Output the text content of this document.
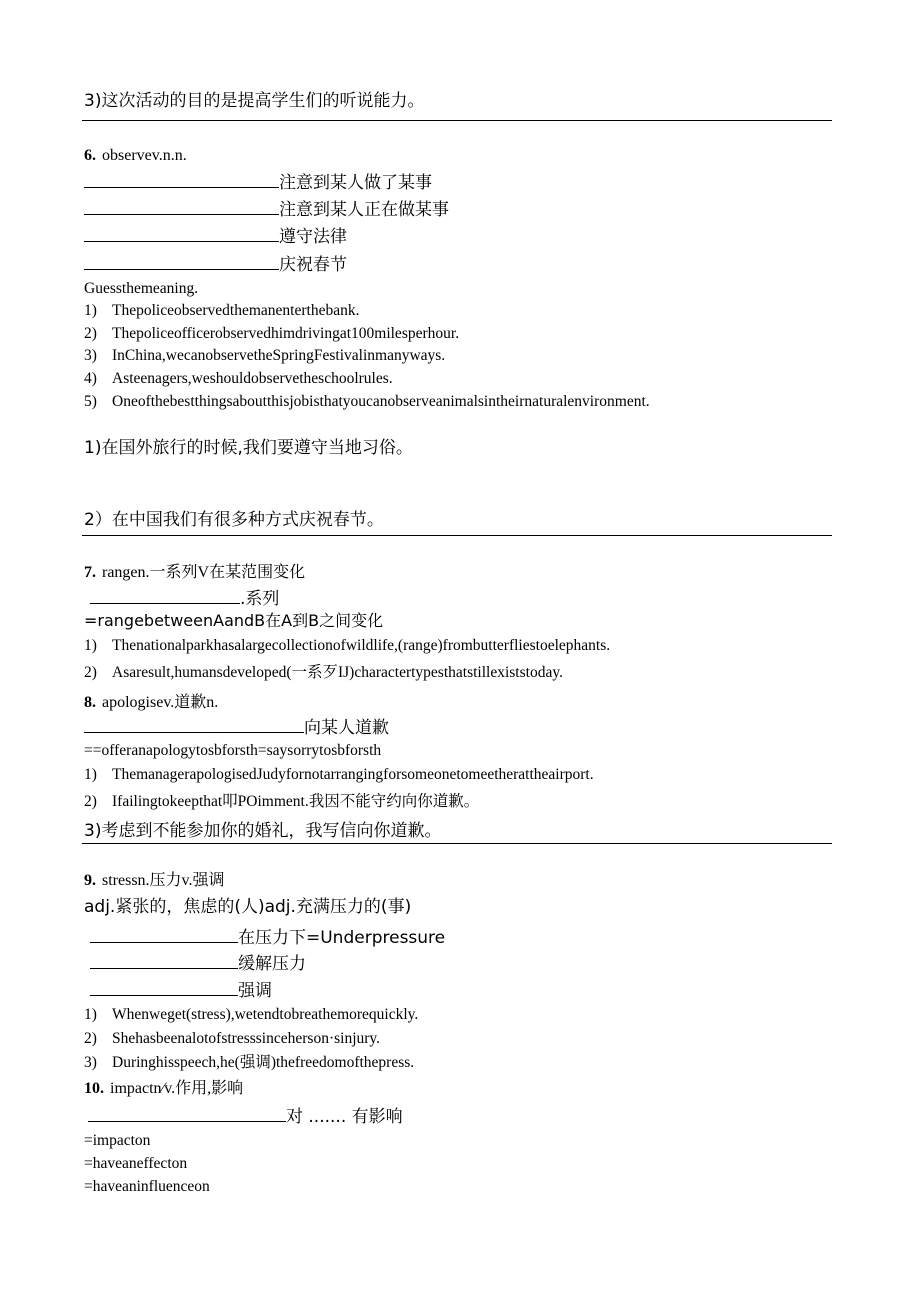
3)这次活动的目的是提高学生们的听说能力。
6. observev.n.n.
注意到某人做了某事
注意到某人正在做某事
遵守法律
庆祝春节
Guessthemeaning.
1) Thepoliceobservedthemanenterthebank.
2) Thepoliceofficerobservedhimdrivingat100milesperhour.
3) InChina,wecanobservetheSpringFestivalinmanyways.
4) Asteenagers,weshouldobservetheschoolrules.
5) Oneofthebestthingsaboutthisjobisthatyoucanobserveanimalsintheirnaturalenvironment.
1)在国外旅行的时候,我们要遵守当地习俗。
2）在中国我们有很多种方式庆祝春节。
7. rangen.一系列V在某范围变化
.系列
=rangebetweenAandB在A到B之间变化
1) Thenationalparkhasalargecollectionofwildlife,(range)frombutterfliestoelephants.
2) Asaresult,humansdeveloped(一系歹IJ)charactertypesthatstillexiststoday.
8. apologisev.道歉n.
向某人道歉
==offeranapologytosbforsth=saysorrytosbforsth
1) ThemanagerapologisedJudyfornotarrangingforsomeonetomeetherattheairport.
2) Ifailingtokeepthat叩POimment.我因不能守约向你道歉。
3)考虑到不能参加你的婚礼，我写信向你道歉。
9. stressn.压力v.强调
adj.紧张的，焦虑的(人)adj.充满压力的(事)
在压力下=Underpressure
缓解压力
强调
1) Whenweget(stress),wetendtobreathemorequickly.
2) Shehasbeenalotofstresssinceherson·sinjury.
3) Duringhisspeech,he(强调)thefreedomofthepress.
10. impactn∕v.作用,影响
对 ....... 有影响
=impacton
=haveaneffecton
=haveaninfluenceon
